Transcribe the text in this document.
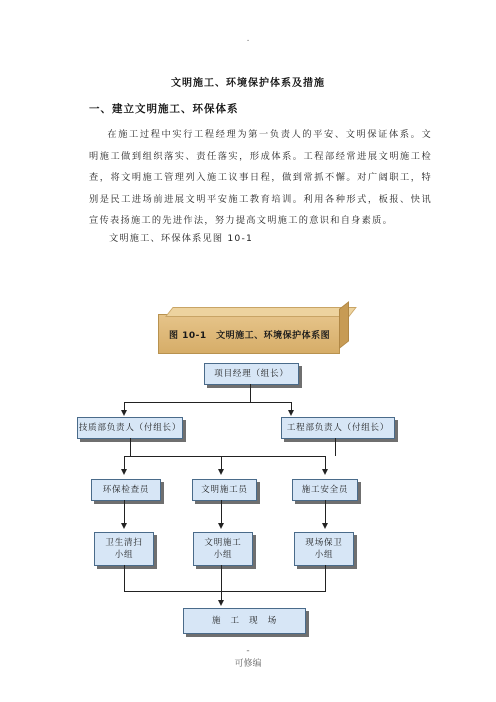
.
文明施工、环境保护体系及措施
一、建立文明施工、环保体系
在施工过程中实行工程经理为第一负责人的平安、文明保证体系。文明施工做到组织落实、责任落实，形成体系。工程部经常进展文明施工检查，将文明施工管理列入施工议事日程，做到常抓不懈。对广阔职工，特别是民工进场前进展文明平安施工教育培训。利用各种形式，板报、快讯宣传表扬施工的先进作法，努力提高文明施工的意识和自身素质。
文明施工、环保体系见图 10-1
图 10-1　文明施工、环境保护体系图
项目经理（组长）
技质部负责人（付组长）	工程部负责人（付组长）
环保检查员	文明施工员	施工安全员
卫生清扫
小组
文明施工
小组
现场保卫
小组
施　工　现　场
-
可修编
